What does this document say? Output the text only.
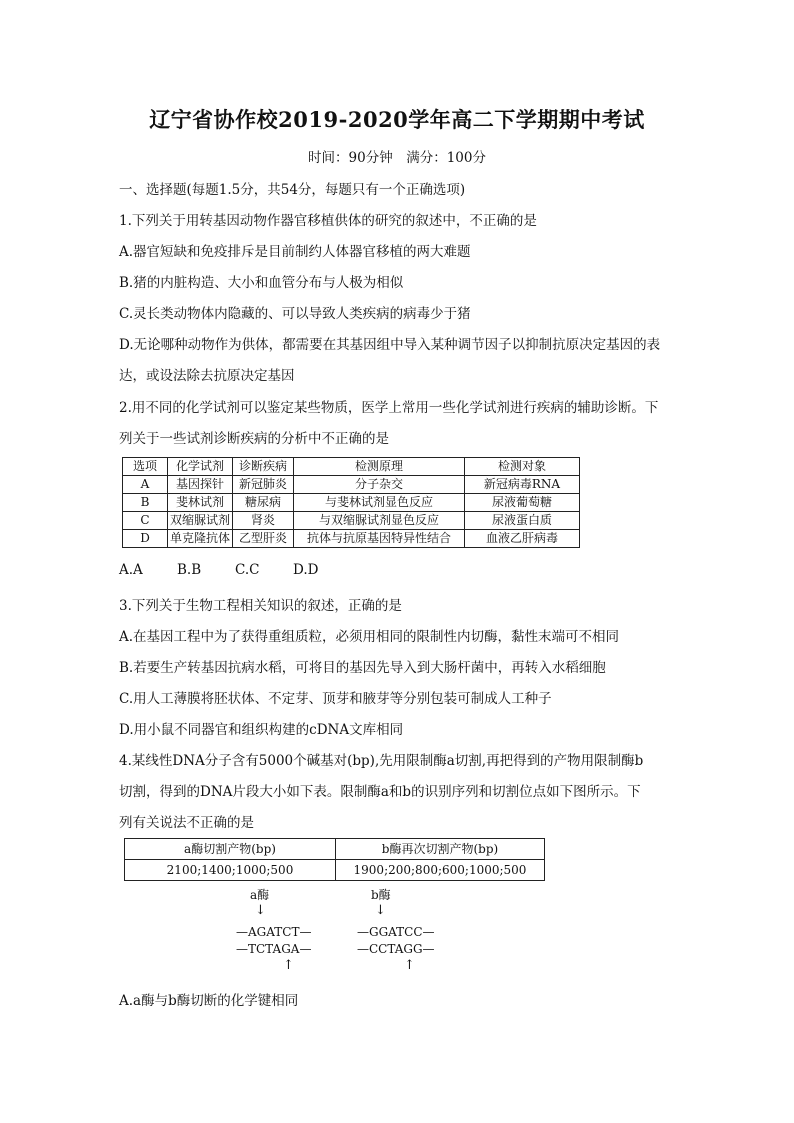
辽宁省协作校2019-2020学年高二下学期期中考试
时间：90分钟　满分：100分
一、选择题(每题1.5分，共54分，每题只有一个正确选项)
1.下列关于用转基因动物作器官移植供体的研究的叙述中，不正确的是
A.器官短缺和免疫排斥是目前制约人体器官移植的两大难题
B.猪的内脏构造、大小和血管分布与人极为相似
C.灵长类动物体内隐藏的、可以导致人类疾病的病毒少于猪
D.无论哪种动物作为供体，都需要在其基因组中导入某种调节因子以抑制抗原决定基因的表
达，或设法除去抗原决定基因
2.用不同的化学试剂可以鉴定某些物质，医学上常用一些化学试剂进行疾病的辅助诊断。下
列关于一些试剂诊断疾病的分析中不正确的是
选项	化学试剂	诊断疾病	检测原理	检测对象
A	基因探针	新冠肺炎	分子杂交	新冠病毒RNA
B	斐林试剂	糖尿病	与斐林试剂显色反应	尿液葡萄糖
C	双缩脲试剂	肾炎	与双缩脲试剂显色反应	尿液蛋白质
D	单克隆抗体	乙型肝炎	抗体与抗原基因特异性结合	血液乙肝病毒
A.A	B.B	C.C D.D
3.下列关于生物工程相关知识的叙述，正确的是
A.在基因工程中为了获得重组质粒，必须用相同的限制性内切酶，黏性末端可不相同
B.若要生产转基因抗病水稻，可将目的基因先导入到大肠杆菌中，再转入水稻细胞
C.用人工薄膜将胚状体、不定芽、顶芽和腋芽等分别包装可制成人工种子
D.用小鼠不同器官和组织构建的cDNA文库相同
4.某线性DNA分子含有5000个碱基对(bp),先用限制酶a切割,再把得到的产物用限制酶b
切割，得到的DNA片段大小如下表。限制酶a和b的识别序列和切割位点如下图所示。下
列有关说法不正确的是
a酶切割产物(bp)	b酶再次切割产物(bp)
2100;1400;1000;500	1900;200;800;600;1000;500
a酶
↓
—AGATCT—
—TCTAGA—
↑
b酶
↓
—GGATCC—
—CCTAGG—
↑
A.a酶与b酶切断的化学键相同
